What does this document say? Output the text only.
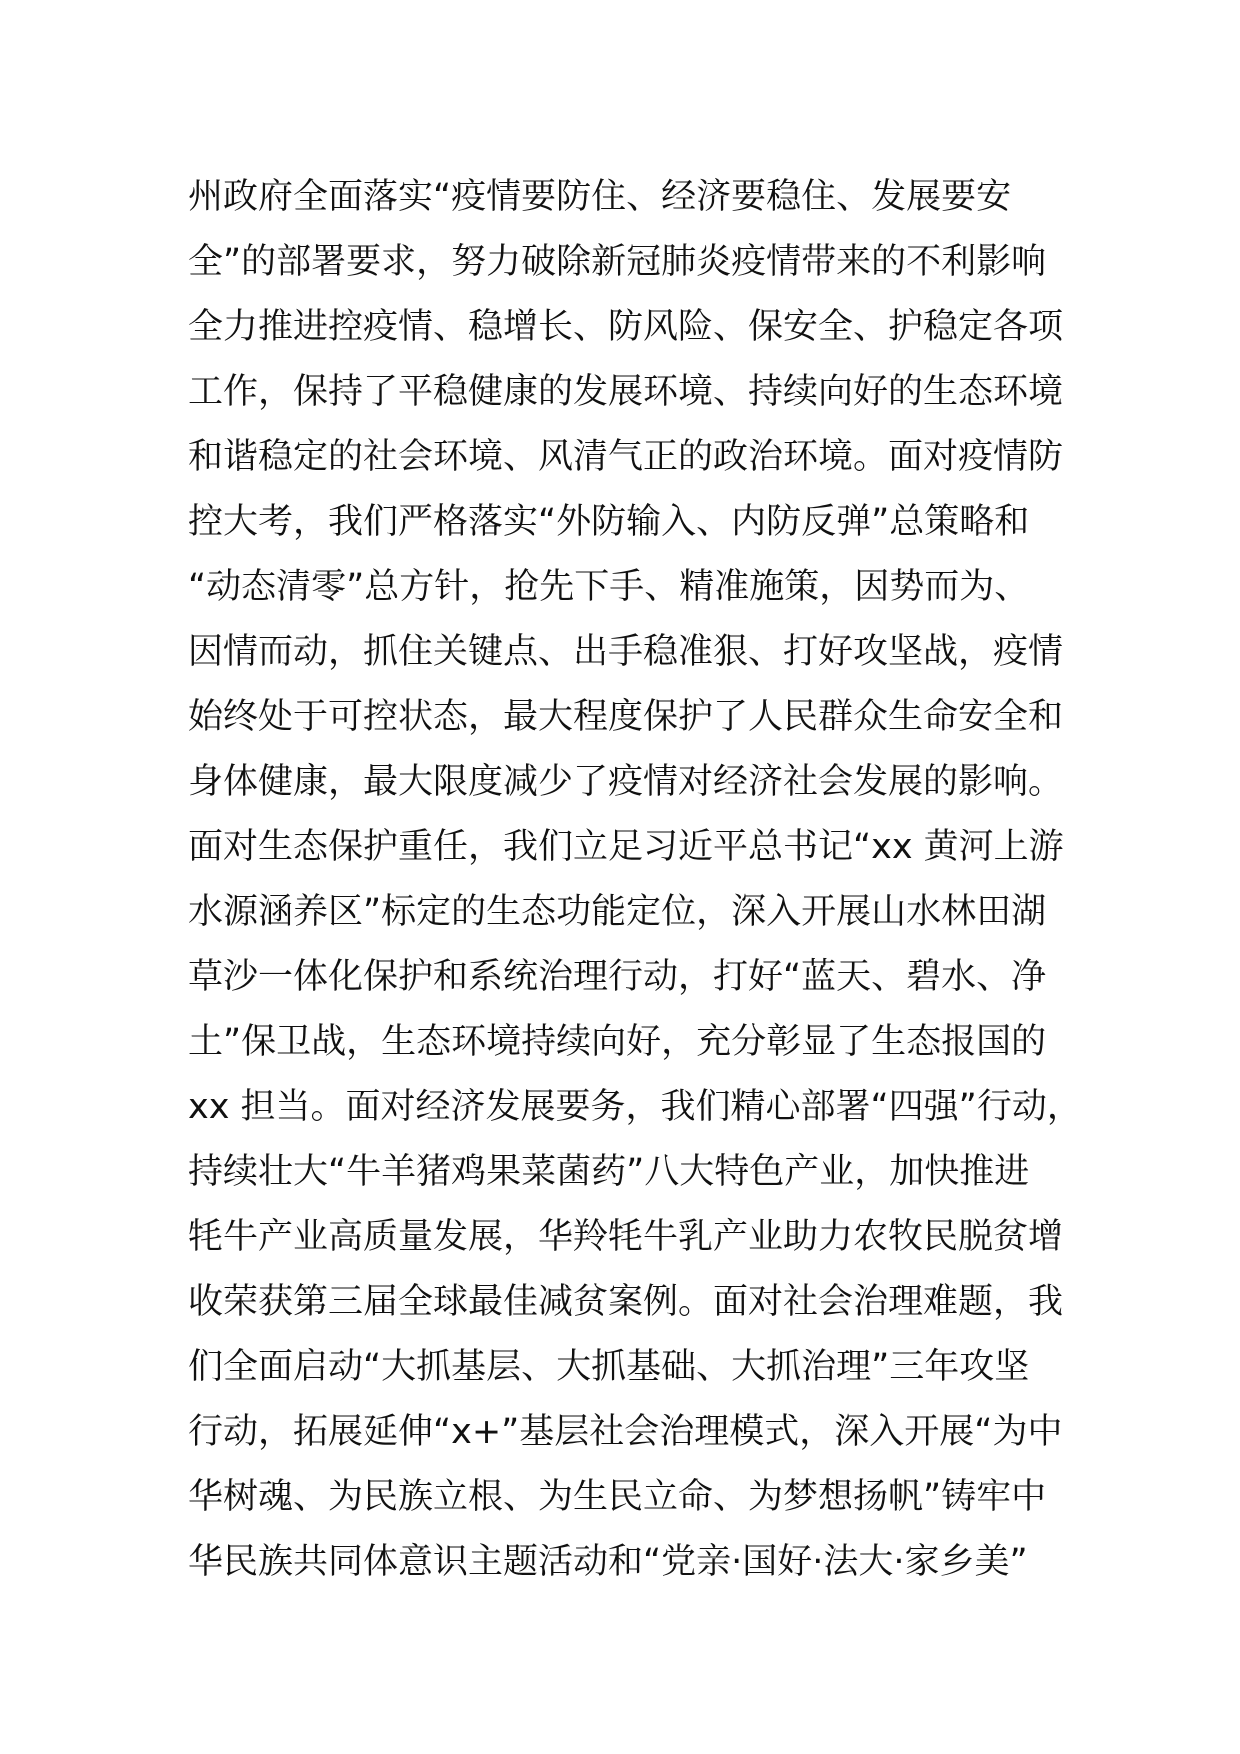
州政府全面落实“疫情要防住、经济要稳住、发展要安
全”的部署要求，努力破除新冠肺炎疫情带来的不利影响
全力推进控疫情、稳增长、防风险、保安全、护稳定各项
工作，保持了平稳健康的发展环境、持续向好的生态环境
和谐稳定的社会环境、风清气正的政治环境。面对疫情防
控大考，我们严格落实“外防输入、内防反弹”总策略和
“动态清零”总方针，抢先下手、精准施策，因势而为、
因情而动，抓住关键点、出手稳准狠、打好攻坚战，疫情
始终处于可控状态，最大程度保护了人民群众生命安全和
身体健康，最大限度减少了疫情对经济社会发展的影响。
面对生态保护重任，我们立足习近平总书记“xx 黄河上游
水源涵养区”标定的生态功能定位，深入开展山水林田湖
草沙一体化保护和系统治理行动，打好“蓝天、碧水、净
土”保卫战，生态环境持续向好，充分彰显了生态报国的
xx 担当。面对经济发展要务，我们精心部署“四强”行动，
持续壮大“牛羊猪鸡果菜菌药”八大特色产业，加快推进
牦牛产业高质量发展，华羚牦牛乳产业助力农牧民脱贫增
收荣获第三届全球最佳减贫案例。面对社会治理难题，我
们全面启动“大抓基层、大抓基础、大抓治理”三年攻坚
行动，拓展延伸“x+”基层社会治理模式，深入开展“为中
华树魂、为民族立根、为生民立命、为梦想扬帆”铸牢中
华民族共同体意识主题活动和“党亲·国好·法大·家乡美”
